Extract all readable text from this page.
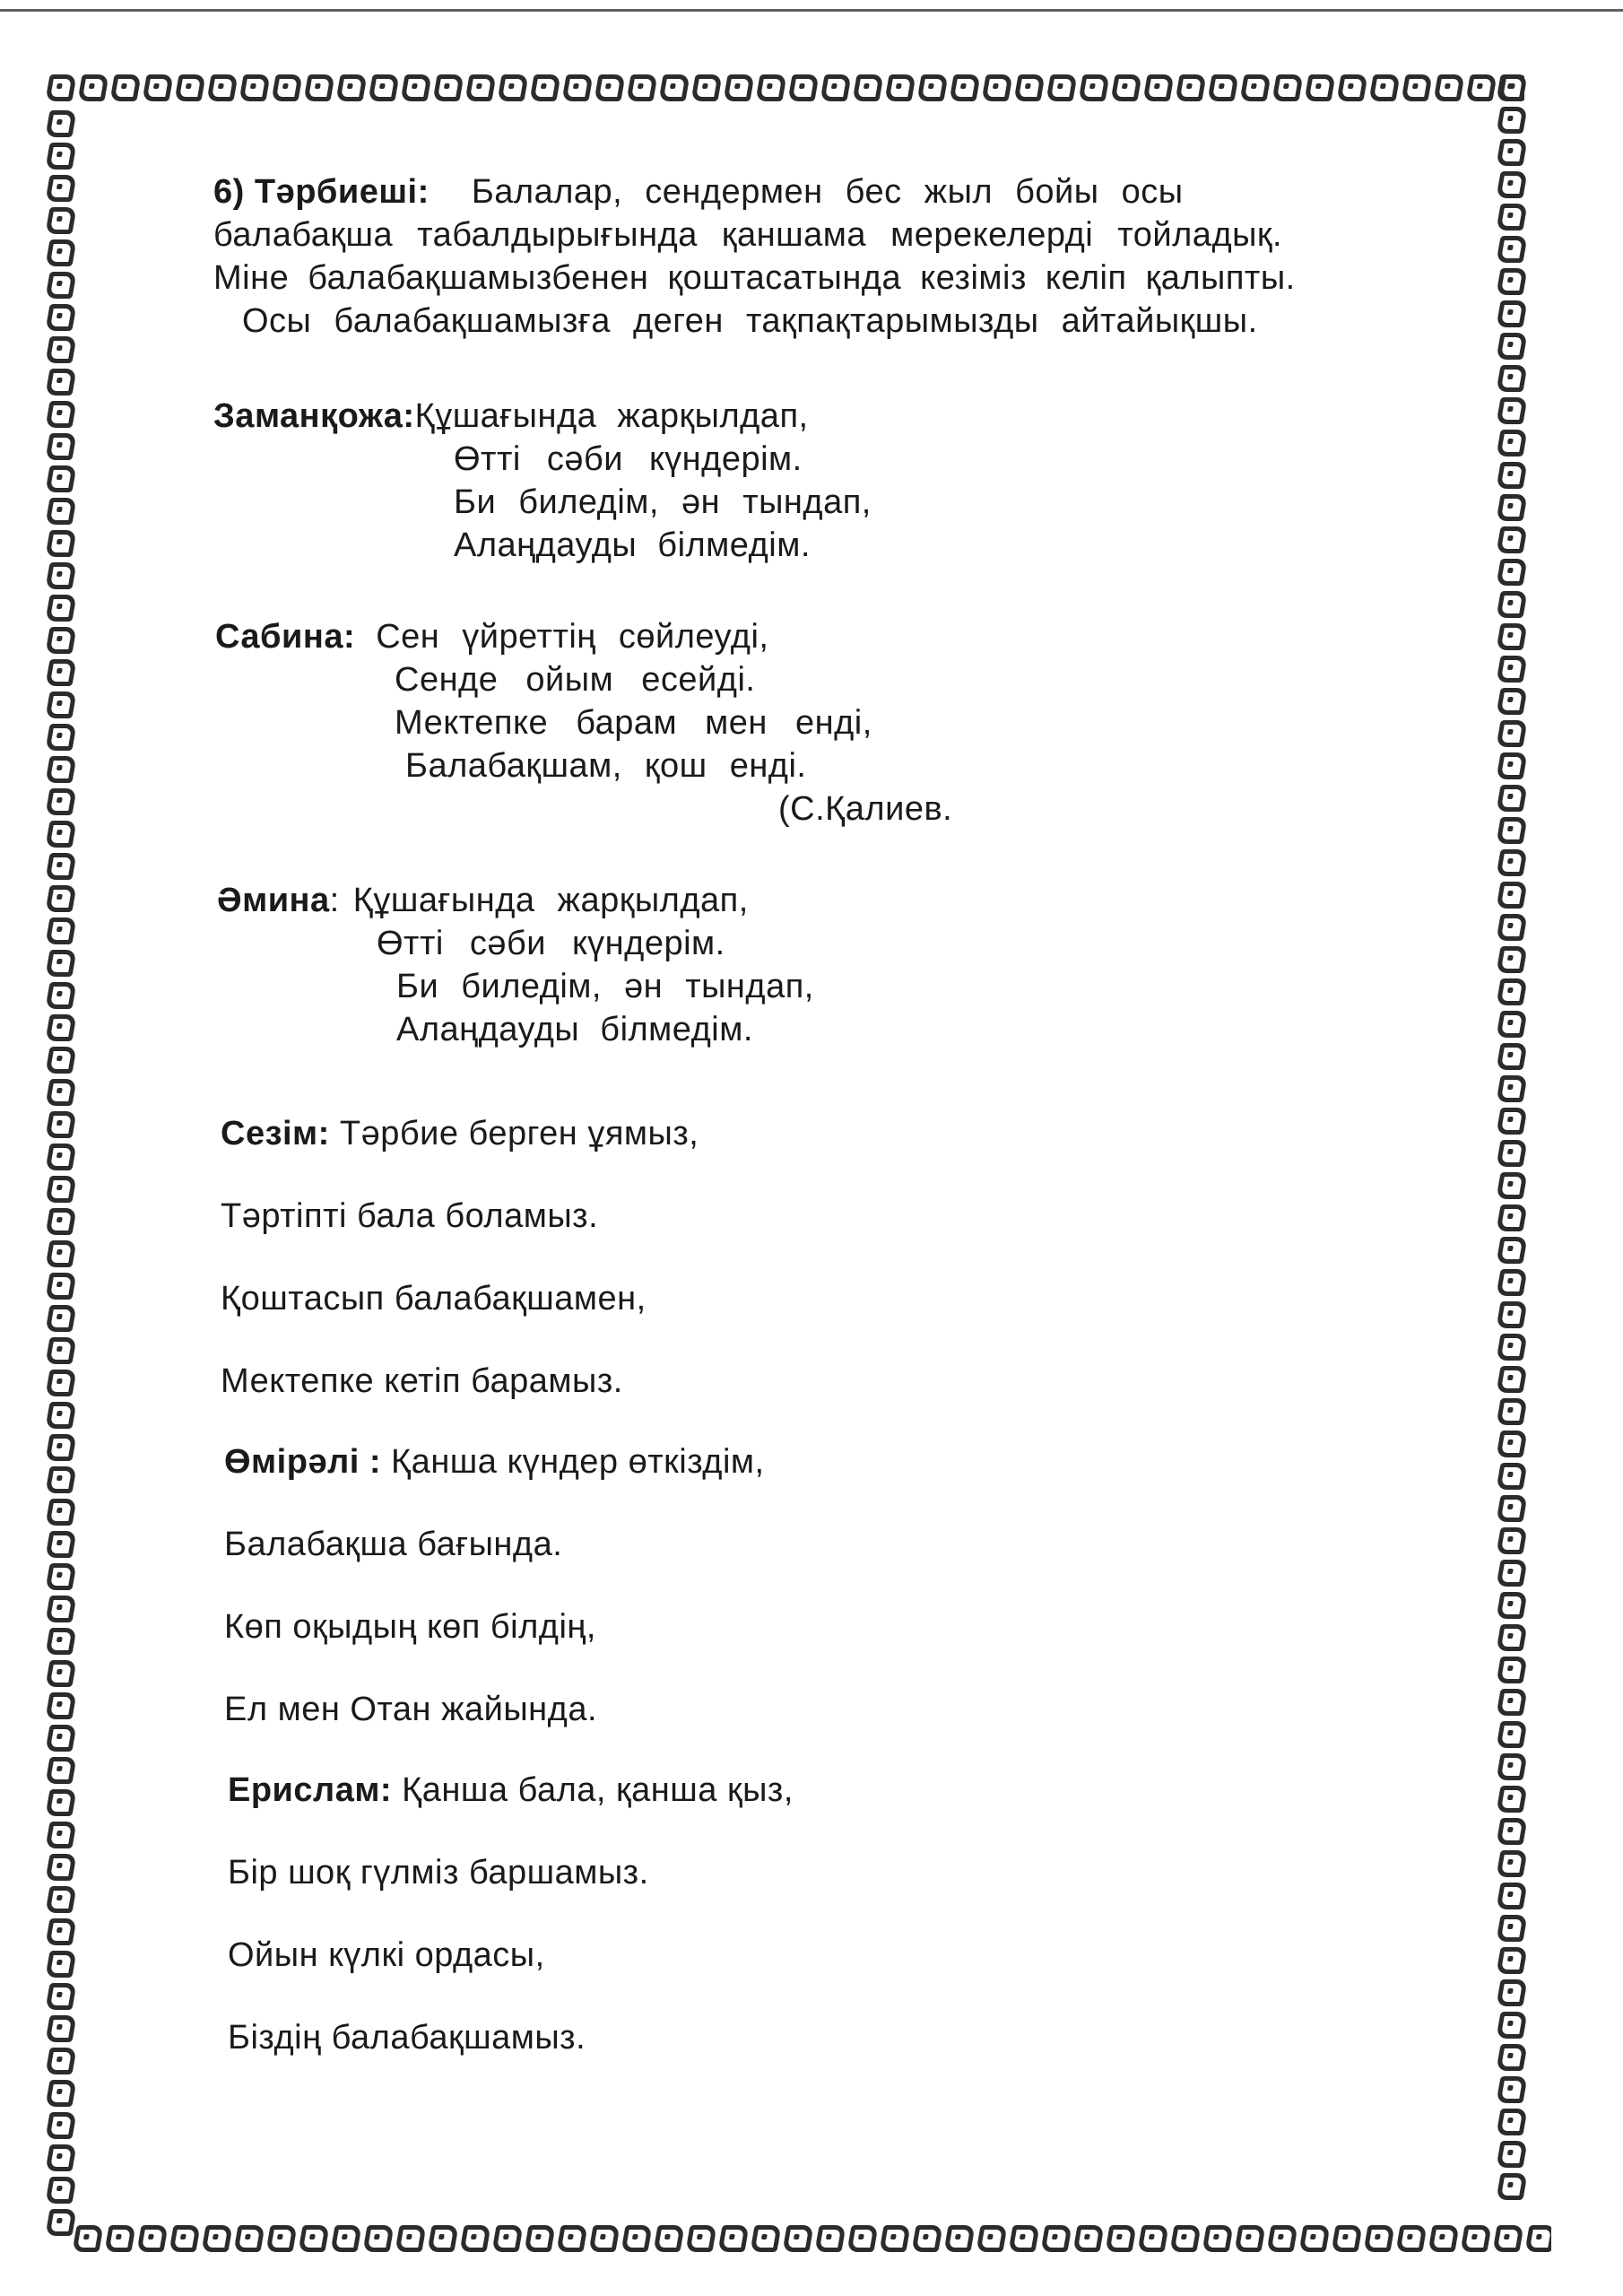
6) Тәрбиеші: Балалар, сендермен бес жыл бойы осы
балабақша табалдырығында қаншама мерекелерді тойладық.
Міне балабақшамызбенен қоштасатында кезіміз келіп қалыпты.
Осы балабақшамызға деген тақпақтарымызды айтайықшы.
Заманқожа:Құшағында жарқылдап,
Өтті сәби күндерім.
Би биледім, ән тындап,
Алаңдауды білмедім.
Сабина: Сен үйреттің сөйлеуді,
Сенде ойым есейді.
Мектепке барам мен енді,
Балабақшам, қош енді.
(С.Қалиев.
Әмина: Құшағында жарқылдап,
Өтті сәби күндерім.
Би биледім, ән тындап,
Алаңдауды білмедім.
Сезім: Тәрбие берген ұямыз,
Тәртіпті бала боламыз.
Қоштасып балабақшамен,
Мектепке кетіп барамыз.
Өмірәлі : Қанша күндер өткіздім,
Балабақша бағында.
Көп оқыдың көп білдің,
Ел мен Отан жайында.
Ерислам: Қанша бала, қанша қыз,
Бір шоқ гүлміз баршамыз.
Ойын күлкі ордасы,
Біздің балабақшамыз.
